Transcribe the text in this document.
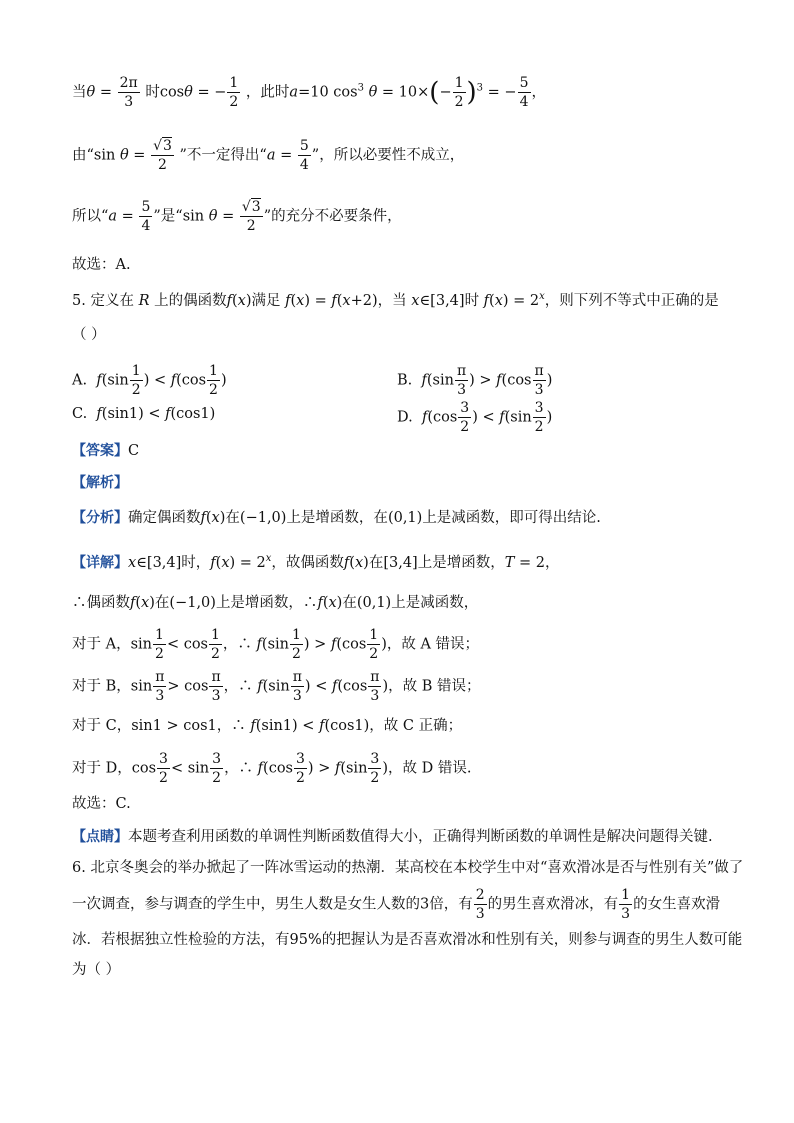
当$\theta = \frac{2\pi}{3}$ 时cosθ = − $\frac{1}{2}$ ，此时a=10 $\cos^3 \theta = 10\times(- \frac{1}{2} )^3$ = − $\frac{5}{4}$ ，
由“sin $\theta = \frac{√3}{2}$ ”不一定得出“$a = \frac{5}{4}$ ”，所以必要性不成立，
所以“$a = \frac{5}{4}$ ”是“sin $\theta = \frac{√3}{2}$ ”的充分不必要条件，
故选：A.
5. 定义在 R 上的偶函数f(x)满足 f(x) = f(x+2)，当 x∈[3,4]时 $f(x) = 2^x$，则下列不等式中正确的是
（ ）
A. $f(\sin \frac{1}{2}$ ) < $f(\cos \frac{1}{2}$ )	B. $f(\sin \frac{\pi}{3}$ ) > $f(\cos \frac{\pi}{3}$ )
C. f(sin1) < f(cos1)	D. $f(\cos \frac{3}{2}$ ) < $f(\sin \frac{3}{2}$ )
【答案】C
【解析】
【分析】确定偶函数f(x)在(−1,0)上是增函数，在(0,1)上是减函数，即可得出结论.
【详解】x∈[3,4]时，$f(x) = 2^x$，故偶函数f(x)在[3,4]上是增函数，T = 2，
∴偶函数f(x)在(−1,0)上是增函数，∴f(x)在(0,1)上是减函数，
对于 A，$\sin \frac{1}{2} < \cos \frac{1}{2}$ ，∴ $f(\sin \frac{1}{2}$ ) > $f(\cos \frac{1}{2}$ )，故 A 错误；
对于 B，$\sin \frac{\pi}{3} > \cos \frac{\pi}{3}$ ，∴ $f(\sin \frac{\pi}{3}$ ) < $f(\cos \frac{\pi}{3}$ )，故 B 错误；
对于 C，sin1 > cos1，∴ f(sin1) < f(cos1)，故 C 正确；
对于 D，$\cos \frac{3}{2} < \sin \frac{3}{2}$ ，∴ $f(\cos \frac{3}{2}$ ) > $f(\sin \frac{3}{2}$ )，故 D 错误.
故选：C.
【点睛】本题考查利用函数的单调性判断函数值得大小，正确得判断函数的单调性是解决问题得关键.
6. 北京冬奥会的举办掀起了一阵冰雪运动的热潮．某高校在本校学生中对“喜欢滑冰是否与性别有关”做了
一次调查，参与调查的学生中，男生人数是女生人数的3倍，有 $\frac{2}{3}$ 的男生喜欢滑冰，有 $\frac{1}{3}$ 的女生喜欢滑
冰．若根据独立性检验的方法，有95%的把握认为是否喜欢滑冰和性别有关，则参与调查的男生人数可能
为（ ）
